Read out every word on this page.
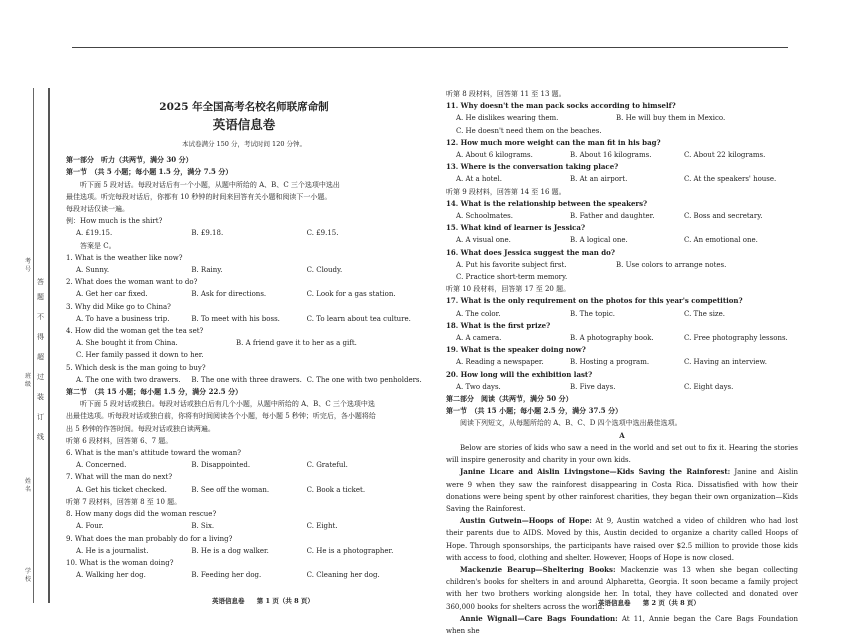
考号
班级
姓名
学校
答
题
不
得
超
过
装
订
线
2025 年全国高考名校名师联席命制
英语信息卷
本试卷满分 150 分，考试时间 120 分钟。
第一部分　听力（共两节，满分 30 分）
第一节　（共 5 小题；每小题 1.5 分，满分 7.5 分）
听下面 5 段对话。每段对话后有一个小题，从题中所给的 A、B、C 三个选项中选出
最佳选项。听完每段对话后，你都有 10 秒钟的时间来回答有关小题和阅读下一小题。
每段对话仅读一遍。
例：How much is the shirt?
A. £19.15.	B. £9.18.	C. £9.15.
答案是 C。
1. What is the weather like now?
A. Sunny.	B. Rainy.	C. Cloudy.
2. What does the woman want to do?
A. Get her car fixed.	B. Ask for directions.	C. Look for a gas station.
3. Why did Mike go to China?
A. To have a business trip.	B. To meet with his boss.	C. To learn about tea culture.
4. How did the woman get the tea set?
A. She bought it from China.	B. A friend gave it to her as a gift.
C. Her family passed it down to her.
5. Which desk is the man going to buy?
A. The one with two drawers.	B. The one with three drawers. C. The one with two penholders.
第二节　（共 15 小题；每小题 1.5 分，满分 22.5 分）
听下面 5 段对话或独白。每段对话或独白后有几个小题，从题中所给的 A、B、C 三个选项中选
出最佳选项。听每段对话或独白前，你将有时间阅读各个小题，每小题 5 秒钟；听完后，各小题将给
出 5 秒钟的作答时间。每段对话或独白读两遍。
听第 6 段材料，回答第 6、7 题。
6. What is the man's attitude toward the woman?
A. Concerned.	B. Disappointed.	C. Grateful.
7. What will the man do next?
A. Get his ticket checked.	B. See off the woman.	C. Book a ticket.
听第 7 段材料，回答第 8 至 10 题。
8. How many dogs did the woman rescue?
A. Four.	B. Six.	C. Eight.
9. What does the man probably do for a living?
A. He is a journalist.	B. He is a dog walker.	C. He is a photographer.
10. What is the woman doing?
A. Walking her dog.	B. Feeding her dog.	C. Cleaning her dog.
英语信息卷 第 1 页（共 8 页）
听第 8 段材料，回答第 11 至 13 题。
11. Why doesn't the man pack socks according to himself?
A. He dislikes wearing them.	B. He will buy them in Mexico.
C. He doesn't need them on the beaches.
12. How much more weight can the man fit in his bag?
A. About 6 kilograms.	B. About 16 kilograms.	C. About 22 kilograms.
13. Where is the conversation taking place?
A. At a hotel.	B. At an airport.	C. At the speakers' house.
听第 9 段材料，回答第 14 至 16 题。
14. What is the relationship between the speakers?
A. Schoolmates.	B. Father and daughter.	C. Boss and secretary.
15. What kind of learner is Jessica?
A. A visual one.	B. A logical one.	C. An emotional one.
16. What does Jessica suggest the man do?
A. Put his favorite subject first.	B. Use colors to arrange notes.
C. Practice short-term memory.
听第 10 段材料，回答第 17 至 20 题。
17. What is the only requirement on the photos for this year's competition?
A. The color.	B. The topic.	C. The size.
18. What is the first prize?
A. A camera.	B. A photography book.	C. Free photography lessons.
19. What is the speaker doing now?
A. Reading a newspaper.	B. Hosting a program.	C. Having an interview.
20. How long will the exhibition last?
A. Two days.	B. Five days.	C. Eight days.
第二部分　阅读（共两节，满分 50 分）
第一节　（共 15 小题；每小题 2.5 分，满分 37.5 分）
阅读下列短文，从每题所给的 A、B、C、D 四个选项中选出最佳选项。
A

Below are stories of kids who saw a need in the world and set out to fix it. Hearing the stories will inspire generosity and charity in your own kids.

Janine Licare and Aislin Livingstone—Kids Saving the Rainforest: Janine and Aislin were 9 when they saw the rainforest disappearing in Costa Rica. Dissatisfied with how their donations were being spent by other rainforest charities, they began their own organization—Kids Saving the Rainforest.

Austin Gutwein—Hoops of Hope: At 9, Austin watched a video of children who had lost their parents due to AIDS. Moved by this, Austin decided to organize a charity called Hoops of Hope. Through sponsorships, the participants have raised over $2.5 million to provide those kids with access to food, clothing and shelter. However, Hoops of Hope is now closed.

Mackenzie Bearup—Sheltering Books: Mackenzie was 13 when she began collecting children's books for shelters in and around Alpharetta, Georgia. It soon became a family project with her two brothers working alongside her. In total, they have collected and donated over 360,000 books for shelters across the world.

Annie Wignall—Care Bags Foundation: At 11, Annie began the Care Bags Foundation when she

英语信息卷 第 2 页（共 8 页）
